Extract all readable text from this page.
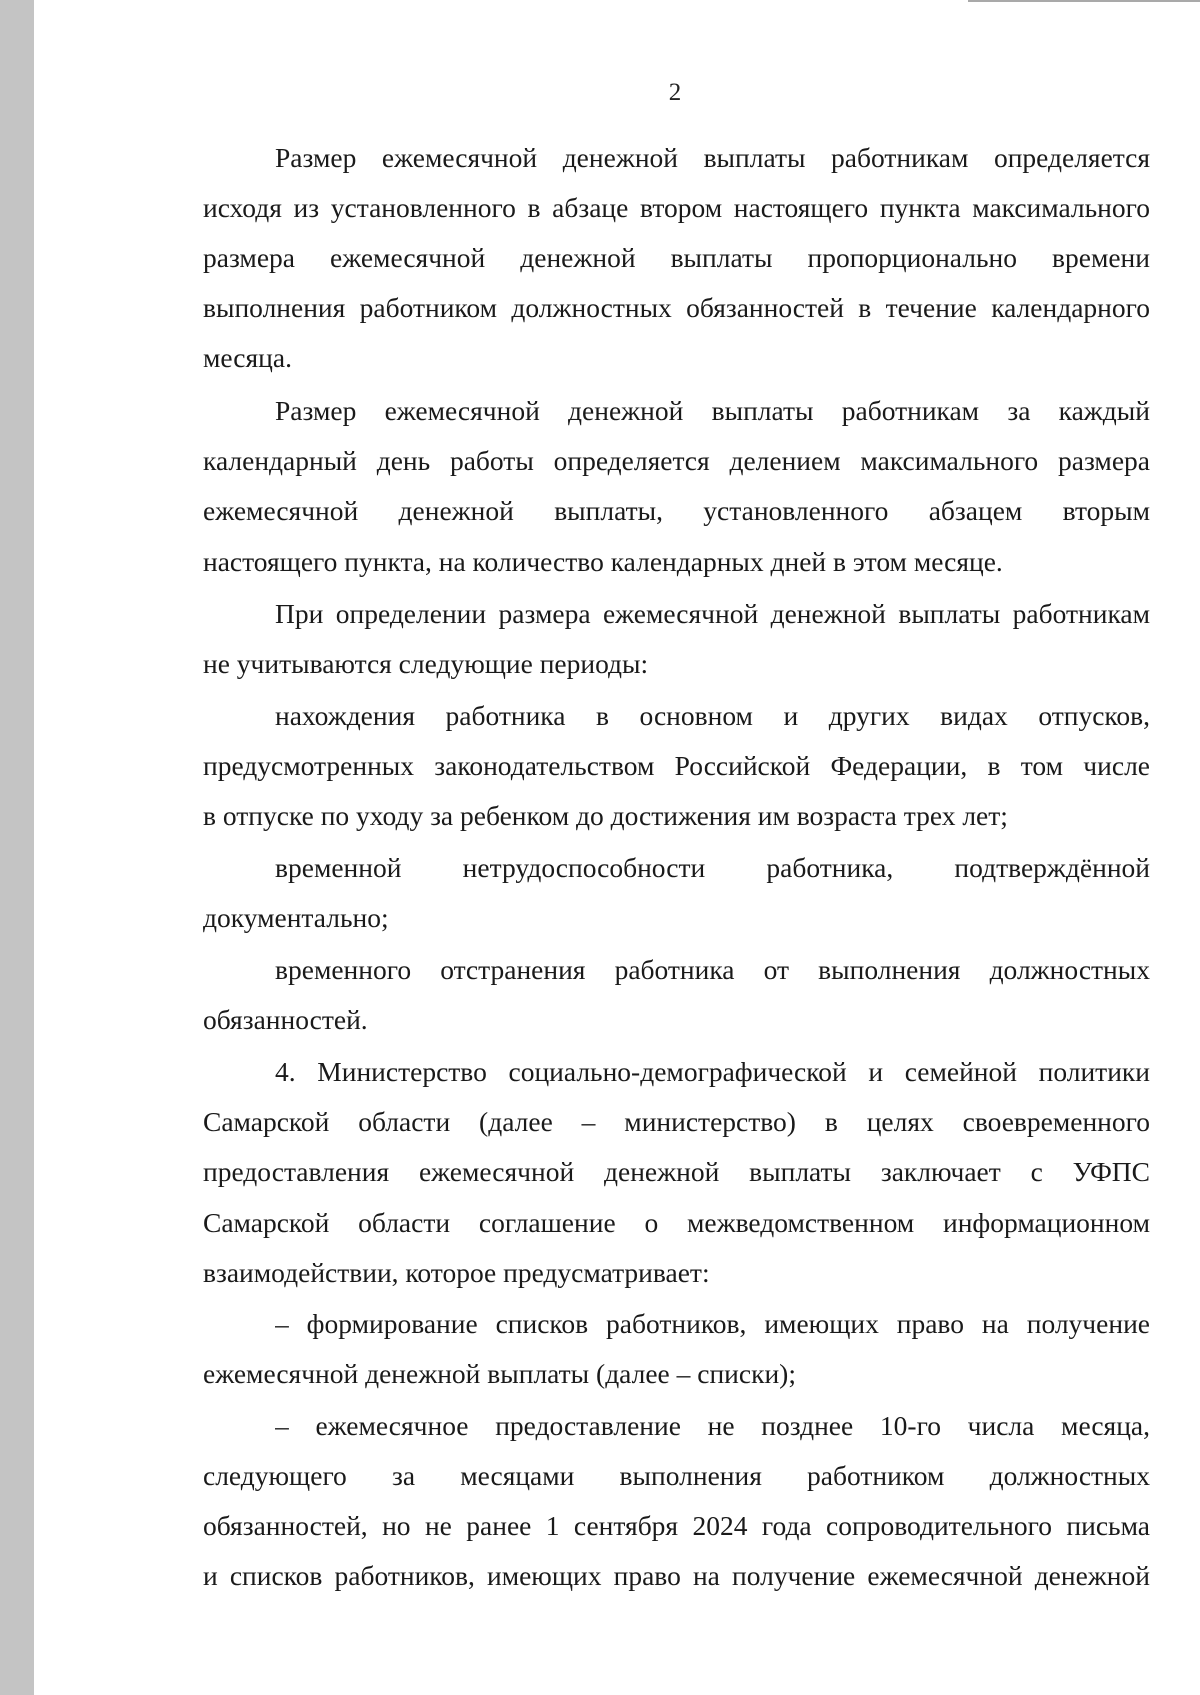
2
Размер ежемесячной денежной выплаты работникам определяется
исходя из установленного в абзаце втором настоящего пункта максимального
размера ежемесячной денежной выплаты пропорционально времени
выполнения работником должностных обязанностей в течение календарного
месяца.
Размер ежемесячной денежной выплаты работникам за каждый
календарный день работы определяется делением максимального размера
ежемесячной денежной выплаты, установленного абзацем вторым
настоящего пункта, на количество календарных дней в этом месяце.
При определении размера ежемесячной денежной выплаты работникам
не учитываются следующие периоды:
нахождения работника в основном и других видах отпусков,
предусмотренных законодательством Российской Федерации, в том числе
в отпуске по уходу за ребенком до достижения им возраста трех лет;
временной нетрудоспособности работника, подтверждённой
документально;
временного отстранения работника от выполнения должностных
обязанностей.
4. Министерство социально-демографической и семейной политики
Самарской области (далее – министерство) в целях своевременного
предоставления ежемесячной денежной выплаты заключает с УФПС
Самарской области соглашение о межведомственном информационном
взаимодействии, которое предусматривает:
– формирование списков работников, имеющих право на получение
ежемесячной денежной выплаты (далее – списки);
– ежемесячное предоставление не позднее 10-го числа месяца,
следующего за месяцами выполнения работником должностных
обязанностей, но не ранее 1 сентября 2024 года сопроводительного письма
и списков работников, имеющих право на получение ежемесячной денежной
